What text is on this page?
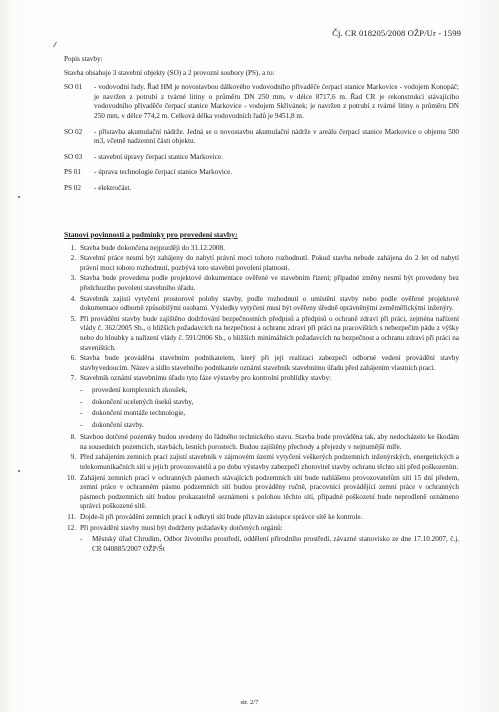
Čj. CR 018205/2008 OŽP/Ur - 1599

Popis stavby:

Stavba obsahuje 3 stavební objekty (SO) a 2 provozní soubory (PS), a to:

SO 01	- vodovodní řady. Řad HM je novostavbou dálkového vodovodního přivaděče čerpací stanice Markovice - vodojem Konopáč; je navržen z potrubí z tvárné litiny o průměru DN 250 mm, v délce 8717,6 m. Řad CR je rekonstrukcí stávajícího vodovodního přivaděče čerpací stanice Markovice - vodojem Skřivánek; je navržen z potrubí z tvárné litiny o průměru DN 250 mm, v délce 774,2 m. Celková délka vodovodních řadů je 9451,8 m.
SO 02	- přístavba akumulační nádrže. Jedná se o novostavbu akumulační nádrže v areálu čerpací stanice Markovice o objemu 500 m3, včetně nadzemní části objektu.
SO 03	- stavební úpravy čerpací stanice Markovice.
PS 01	- úprava technologie čerpací stanice Markovice.
PS 02	- elektročást.

Stanoví povinnosti a podmínky pro provedení stavby:

1. Stavba bude dokončena nejpozději do 31.12.2008.
2. Stavební práce nesmí být zahájeny do nabytí právní moci tohoto rozhodnutí. Pokud stavba nebude zahájena do 2 let od nabytí právní moci tohoto rozhodnutí, pozbývá toto stavební povolení platnosti.
3. Stavba bude provedena podle projektové dokumentace ověřené ve stavebním řízení; případné změny nesmí být provedeny bez předchozího povolení stavebního úřadu.
4. Stavebník zajistí vytyčení prostorové polohy stavby, podle rozhodnutí o umístění stavby nebo podle ověřené projektové dokumentace odborně způsobilými osobami. Výsledky vytyčení musí být ověřeny úředně oprávněnými zeměměřickými inženýry.
5. Při provádění stavby bude zajištěno dodržování bezpečnostních předpisů a předpisů o ochraně zdraví při práci, zejména nařízení vlády č. 362/2005 Sb., o bližších požadavcích na bezpečnost a ochranu zdraví při práci na pracovištích s nebezpečím pádu z výšky nebo do hloubky a nařízení vlády č. 591/2006 Sb., o bližších minimálních požadavcích na bezpečnost a ochranu zdraví při práci na staveništích.
6. Stavba bude prováděna stavebním podnikatelem, který při její realizaci zabezpečí odborné vedení provádění stavby stavbyvedoucím. Název a sídlo stavebního podnikatele oznámí stavebník stavebnímu úřadu před zahájením vlastních prací.
7. Stavebník oznámí stavebnímu úřadu tyto fáze výstavby pro kontrolní prohlídky stavby:
-	provedení komplexních zkoušek,
-	dokončení ucelených úseků stavby,
-	dokončení montáže technologie,
-	dokončení stavby.
8. Stavbou dotčené pozemky budou uvedeny do řádného technického stavu. Stavba bude prováděna tak, aby nedocházelo ke škodám na sousedních pozemcích, stavbách, lesních porostech. Budou zajištěny přechody a přejezdy v nejnutnější míře.
9. Před zahájením zemních prací zajistí stavebník v zájmovém území vytyčení veškerých podzemních inženýrských, energetických a telekomunikačních sítí u jejich provozovatelů a po dobu výstavby zabezpečí zhotovitel stavby ochranu těchto sítí před poškozením.
10. Zahájení zemních prací v ochranných pásmech stávajících podzemních sítí bude nahlášeno provozovatelům sítí 15 dní předem, zemní práce v ochranném pásmu podzemních sítí budou prováděny ručně, pracovníci provádějící zemní práce v ochranných pásmech podzemních sítí budou prokazatelně seznámeni s polohou těchto sítí, případné poškození bude neprodleně oznámeno správci poškozené sítě.
11. Dojde-li při provádění zemních prací k odkrytí sítí bude přizván zástupce správce sítě ke kontrole.
12. Při provádění stavby musí být dodrženy požadavky dotčených orgánů:
-	Městský úřad Chrudim, Odbor životního prostředí, oddělení přírodního prostředí, závazné stanovisko ze dne 17.10.2007, č.j. CR 040885/2007 OŽP/Št
str. 2/7
